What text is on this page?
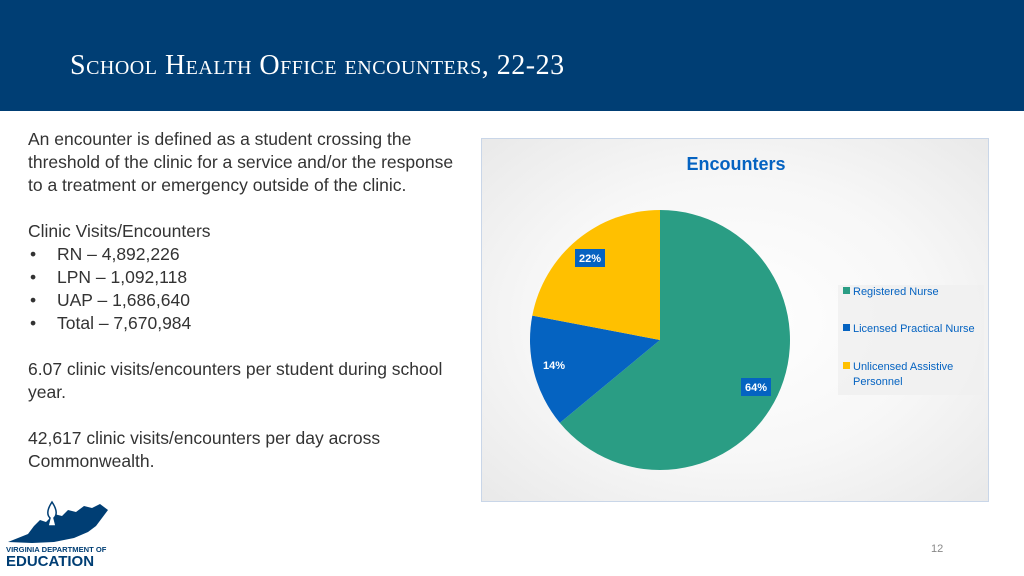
School Health Office encounters, 22-23

An encounter is defined as a student crossing the threshold of the clinic for a service and/or the response to a treatment or emergency outside of the clinic.

Clinic Visits/Encounters

• RN – 4,892,226
• LPN – 1,092,118
• UAP – 1,686,640
• Total – 7,670,984

6.07 clinic visits/encounters per student during school year.

42,617 clinic visits/encounters per day across Commonwealth.

Encounters
64%
14%
22%
Registered Nurse
Licensed Practical Nurse
Unlicensed Assistive
Personnel
VIRGINIA DEPARTMENT OF
EDUCATION
12
